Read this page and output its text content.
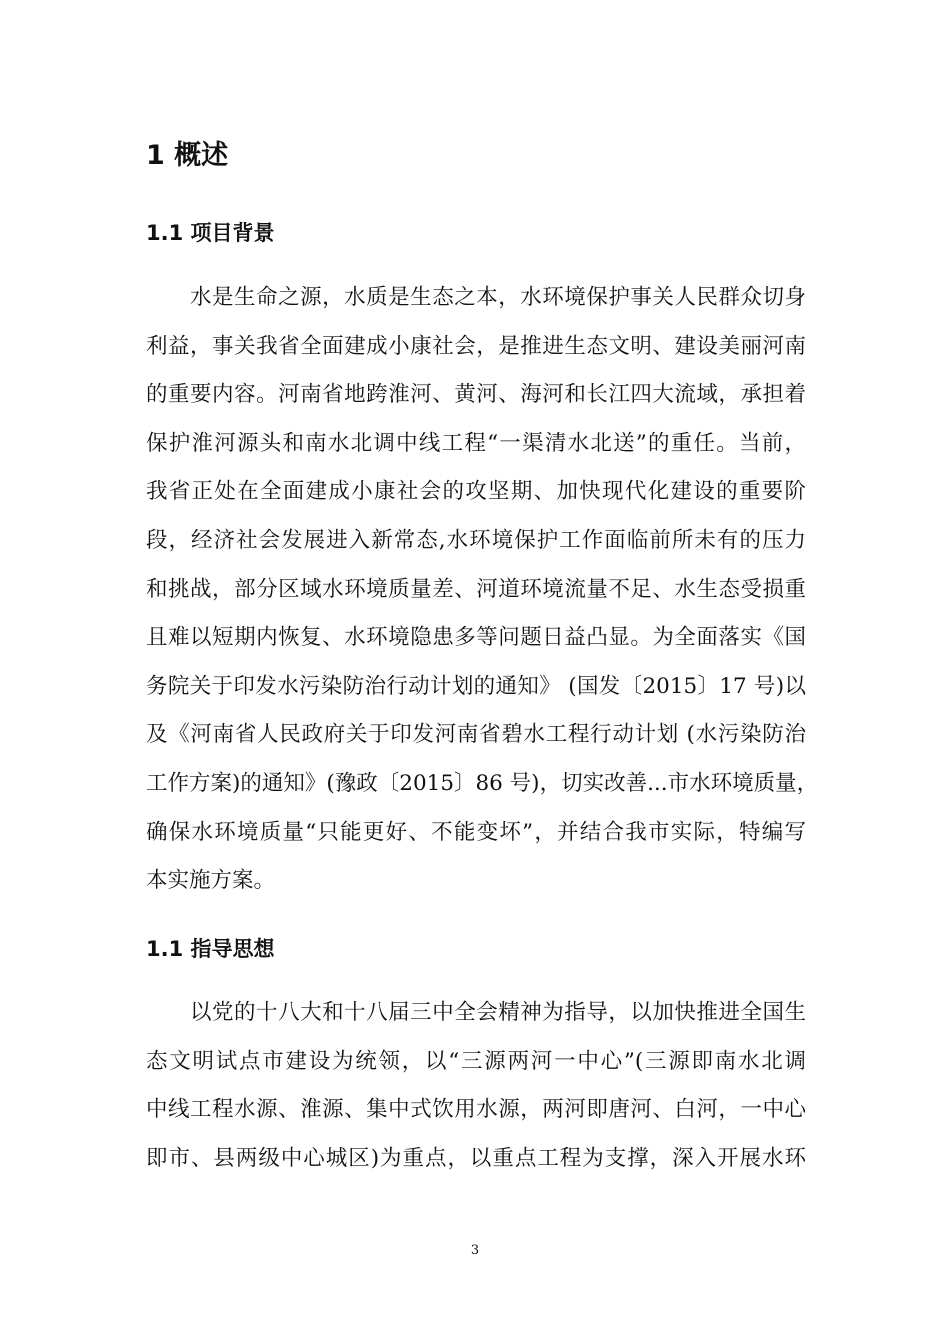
1 概述
1.1 项目背景
水是生命之源，水质是生态之本，水环境保护事关人民群众切身
利益，事关我省全面建成小康社会，是推进生态文明、建设美丽河南
的重要内容。河南省地跨淮河、黄河、海河和长江四大流域，承担着
保护淮河源头和南水北调中线工程“一渠清水北送”的重任。当前，
我省正处在全面建成小康社会的攻坚期、加快现代化建设的重要阶
段，经济社会发展进入新常态,水环境保护工作面临前所未有的压力
和挑战，部分区域水环境质量差、河道环境流量不足、水生态受损重
且难以短期内恢复、水环境隐患多等问题日益凸显。为全面落实《国
务院关于印发水污染防治行动计划的通知》 (国发〔2015〕17 号)以
及《河南省人民政府关于印发河南省碧水工程行动计划 (水污染防治
工作方案)的通知》(豫政〔2015〕86 号)，切实改善...市水环境质量，
确保水环境质量“只能更好、不能变坏”，并结合我市实际，特编写
本实施方案。
1.1 指导思想
以党的十八大和十八届三中全会精神为指导，以加快推进全国生
态文明试点市建设为统领，以“三源两河一中心”(三源即南水北调
中线工程水源、淮源、集中式饮用水源，两河即唐河、白河，一中心
即市、县两级中心城区)为重点，以重点工程为支撑，深入开展水环

3
